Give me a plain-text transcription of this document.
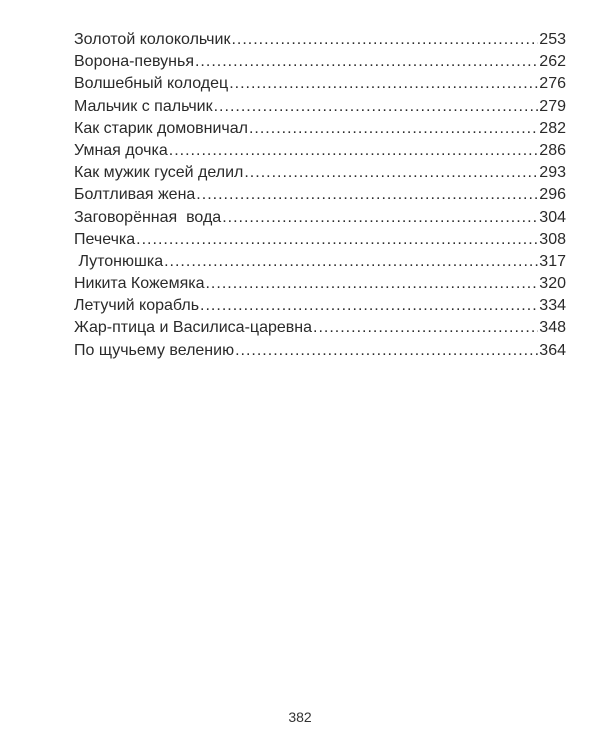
Золотой колокольчик .....	253
Ворона-певунья .....	262
Волшебный колодец .....	276
Мальчик с пальчик .....	279
Как старик домовничал .....	282
Умная дочка .....	286
Как мужик гусей делил .....	293
Болтливая жена .....	296
Заговорённая  вода .....	304
Печечка .....	308
Лутонюшка .....	317
Никита Кожемяка .....	320
Летучий корабль .....	334
Жар-птица и Василиса-царевна .....	348
По щучьему велению .....	364
382
